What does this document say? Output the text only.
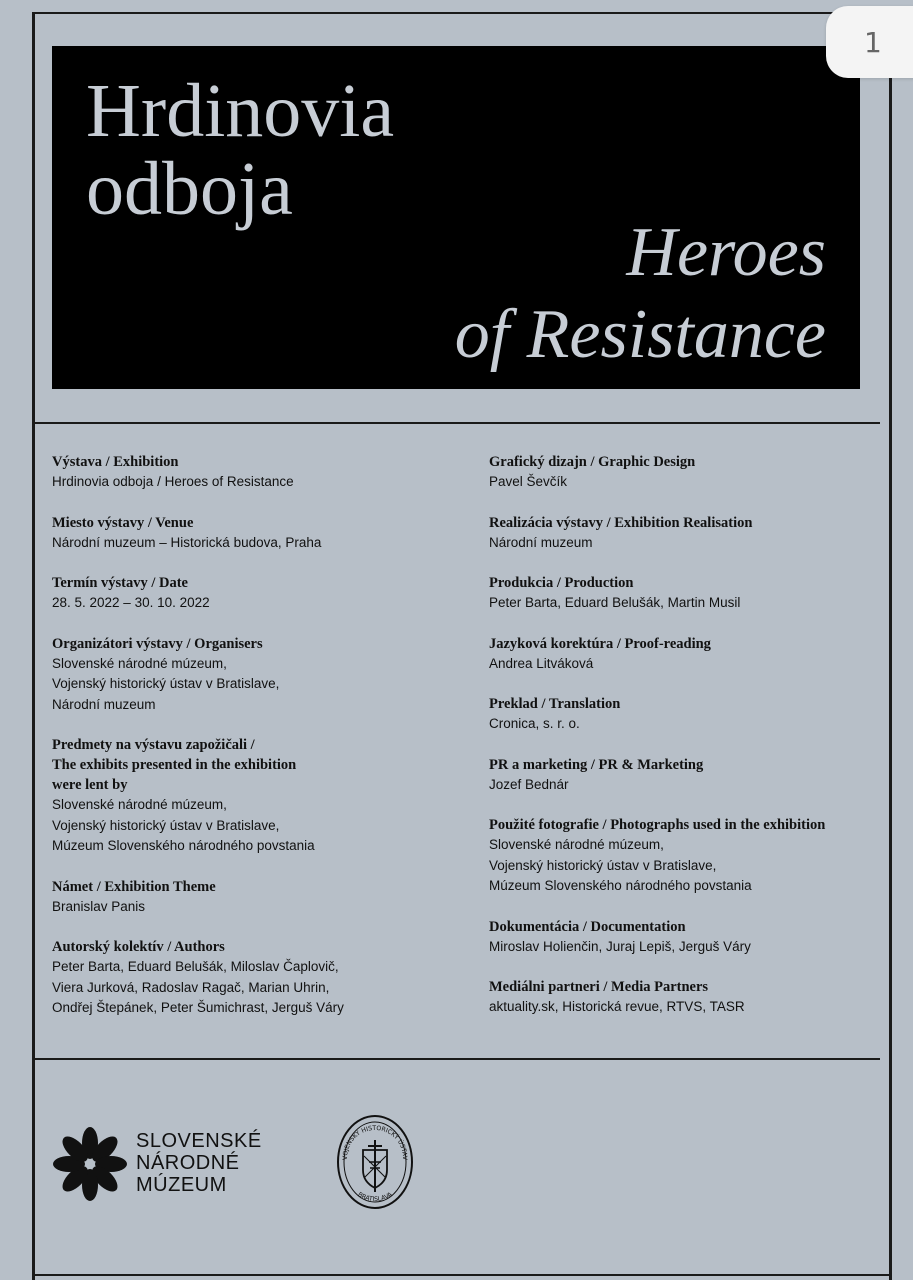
Hrdinovia
odboja
Heroes
of Resistance
1
Výstava / Exhibition
Hrdinovia odboja / Heroes of Resistance
Miesto výstavy / Venue
Národní muzeum – Historická budova, Praha
Termín výstavy / Date
28. 5. 2022 – 30. 10. 2022
Organizátori výstavy / Organisers
Slovenské národné múzeum,
Vojenský historický ústav v Bratislave,
Národní muzeum
Predmety na výstavu zapožičali /
The exhibits presented in the exhibition
were lent by
Slovenské národné múzeum,
Vojenský historický ústav v Bratislave,
Múzeum Slovenského národného povstania
Námet / Exhibition Theme
Branislav Panis
Autorský kolektív / Authors
Peter Barta, Eduard Belušák, Miloslav Čaplovič,
Viera Jurková, Radoslav Ragač, Marian Uhrin,
Ondřej Štepánek, Peter Šumichrast, Jerguš Váry
Grafický dizajn / Graphic Design
Pavel Ševčík
Realizácia výstavy / Exhibition Realisation
Národní muzeum
Produkcia / Production
Peter Barta, Eduard Belušák, Martin Musil
Jazyková korektúra / Proof-reading
Andrea Litváková
Preklad / Translation
Cronica, s. r. o.
PR a marketing / PR & Marketing
Jozef Bednár
Použité fotografie / Photographs used in the exhibition
Slovenské národné múzeum,
Vojenský historický ústav v Bratislave,
Múzeum Slovenského národného povstania
Dokumentácia / Documentation
Miroslav Holienčin, Juraj Lepiš, Jerguš Váry
Mediálni partneri / Media Partners
aktuality.sk, Historická revue, RTVS, TASR
SLOVENSKÉ
NÁRODNÉ
MÚZEUM
VOJENSKÝ HISTORICKÝ ÚSTAV
BRATISLAVA
